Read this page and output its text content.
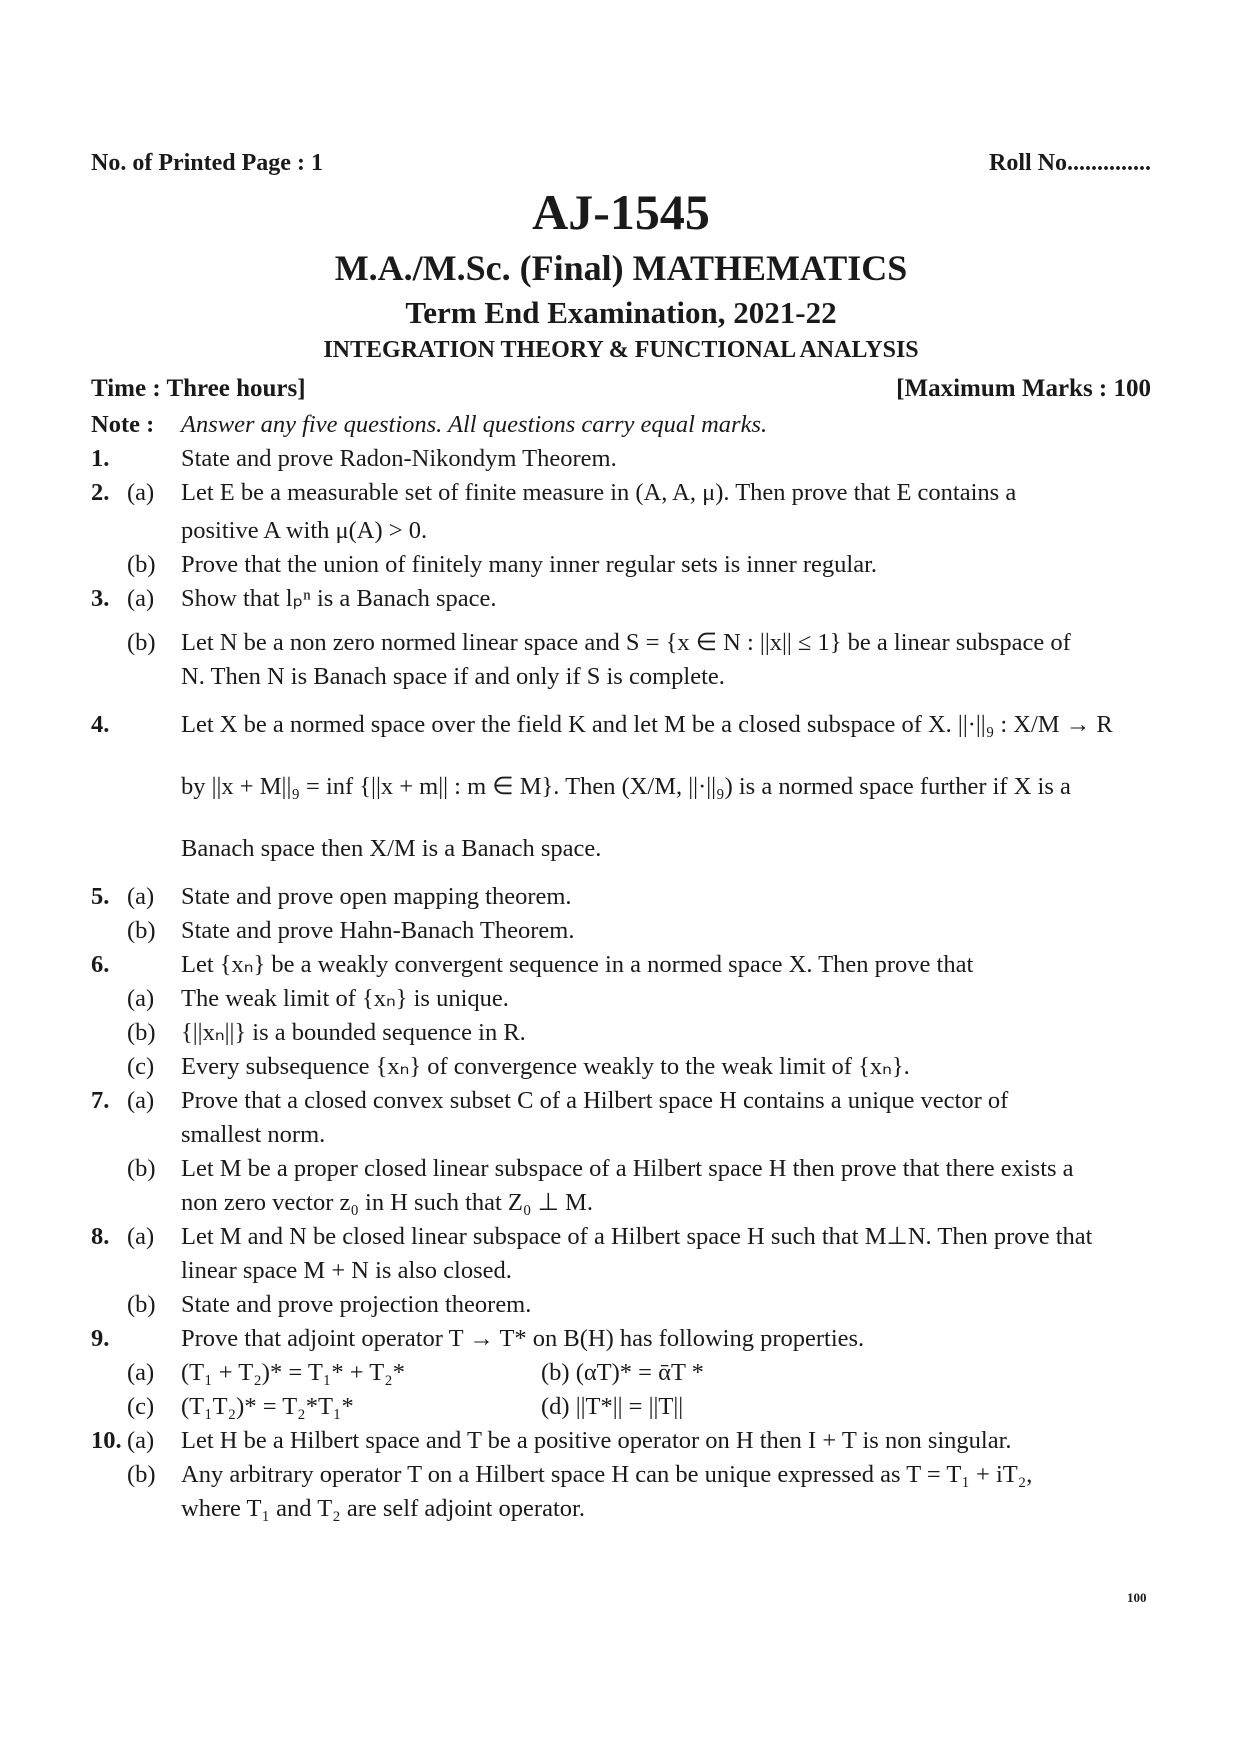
No. of Printed Page : 1	Roll No..............
AJ-1545
M.A./M.Sc. (Final) MATHEMATICS
Term End Examination, 2021-22
INTEGRATION THEORY & FUNCTIONAL ANALYSIS
Time : Three hours]	[Maximum Marks : 100
Note :	Answer any five questions. All questions carry equal marks.
1.	State and prove Radon-Nikondym Theorem.
2. (a)	Let E be a measurable set of finite measure in (A, A, μ). Then prove that E contains a
positive A with μ(A) > 0.
(b)	Prove that the union of finitely many inner regular sets is inner regular.
3. (a)	Show that lₚⁿ is a Banach space.
(b)	Let N be a non zero normed linear space and S = {x ∈ N : ||x|| ≤ 1} be a linear subspace of
N. Then N is Banach space if and only if S is complete.
4.	Let X be a normed space over the field K and let M be a closed subspace of X. ||·||₉ : X/M → R
by ||x + M||₉ = inf {||x + m|| : m ∈ M}. Then (X/M, ||·||₉) is a normed space further if X is a
Banach space then X/M is a Banach space.
5. (a)	State and prove open mapping theorem.
(b)	State and prove Hahn-Banach Theorem.
6.	Let {xₙ} be a weakly convergent sequence in a normed space X. Then prove that
(a)	The weak limit of {xₙ} is unique.
(b)	{||xₙ||} is a bounded sequence in R.
(c)	Every subsequence {xₙ} of convergence weakly to the weak limit of {xₙ}.
7. (a)	Prove that a closed convex subset C of a Hilbert space H contains a unique vector of
smallest norm.
(b)	Let M be a proper closed linear subspace of a Hilbert space H then prove that there exists a
non zero vector z₀ in H such that Z₀ ⊥ M.
8. (a)	Let M and N be closed linear subspace of a Hilbert space H such that M⊥N. Then prove that
linear space M + N is also closed.
(b)	State and prove projection theorem.
9.	Prove that adjoint operator T → T* on B(H) has following properties.
(a)	(T₁ + T₂)* = T₁* + T₂*	(b) (αT)* = ᾱT *
(c)	(T₁T₂)* = T₂*T₁*	(d) ||T*|| = ||T||
10. (a)	Let H be a Hilbert space and T be a positive operator on H then I + T is non singular.
(b)	Any arbitrary operator T on a Hilbert space H can be unique expressed as T = T₁ + iT₂,
where T₁ and T₂ are self adjoint operator.
100
